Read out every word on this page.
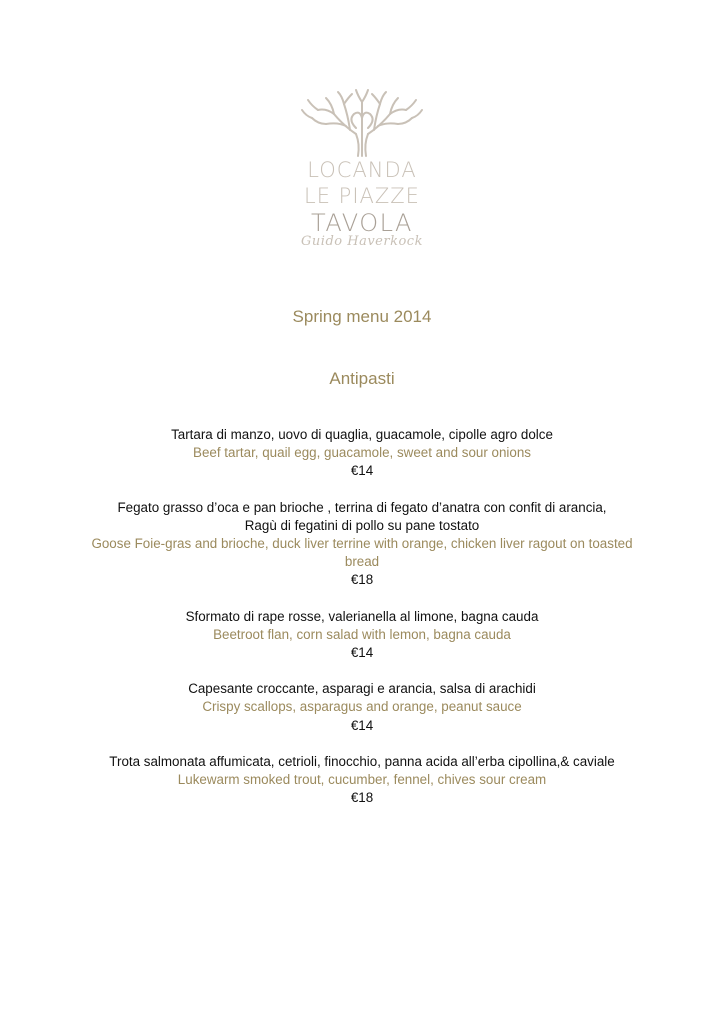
LOCANDA
LE PIAZZE
TAVOLA
Guido Haverkock
Spring menu 2014
Antipasti
Tartara di manzo, uovo di quaglia, guacamole, cipolle agro dolce
Beef tartar, quail egg, guacamole, sweet and sour onions
€14
Fegato grasso d’oca e pan brioche , terrina di fegato d’anatra con confit di arancia,
Ragù di fegatini di pollo su pane tostato
Goose Foie-gras and brioche, duck liver terrine with orange, chicken liver ragout on toasted bread
€18
Sformato di rape rosse, valerianella al limone, bagna cauda
Beetroot flan, corn salad with lemon, bagna cauda
€14
Capesante croccante, asparagi e arancia, salsa di arachidi
Crispy scallops, asparagus and orange, peanut sauce
€14
Trota salmonata affumicata, cetrioli, finocchio, panna acida all’erba cipollina,& caviale
Lukewarm smoked trout, cucumber, fennel, chives sour cream
€18
